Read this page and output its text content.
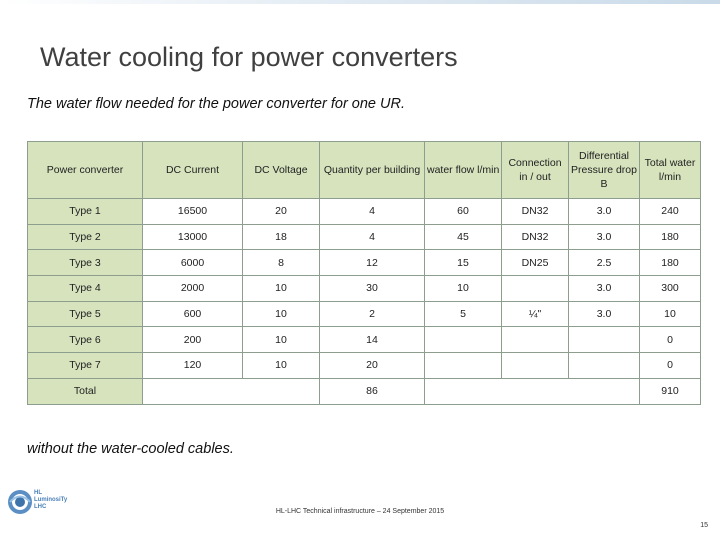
Water cooling for power converters
The water flow needed for the power converter for one UR.
Power converter	DC Current	DC Voltage	Quantity per building	water flow l/min	Connection in / out	Differential Pressure drop B	Total water l/min
Type 1	16500	20	4	60	DN32	3.0	240
Type 2	13000	18	4	45	DN32	3.0	180
Type 3	6000	8	12	15	DN25	2.5	180
Type 4	2000	10	30	10		3.0	300
Type 5	600	10	2	5	¼"	3.0	10
Type 6	200	10	14				0
Type 7	120	10	20				0
Total			86				910
without the water-cooled cables.
HL
LuminosiTy
LHC
HL-LHC Technical infrastructure – 24 September 2015
15
